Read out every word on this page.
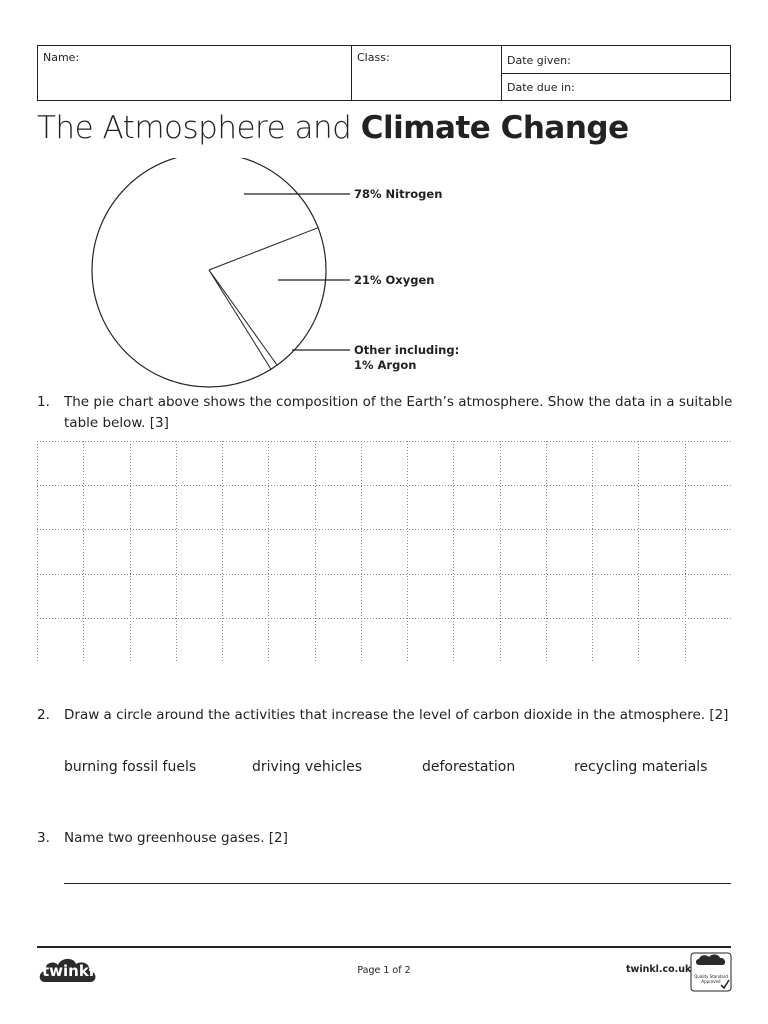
Name:	Class:	Date given:
Date due in:
The Atmosphere and Climate Change
78% Nitrogen
21% Oxygen
Other including:
1% Argon
1. The pie chart above shows the composition of the Earth’s atmosphere. Show the data in a suitable table below. [3]
2. Draw a circle around the activities that increase the level of carbon dioxide in the atmosphere. [2]
burning fossil fuels	driving vehicles	deforestation	recycling materials
3. Name two greenhouse gases. [2]
twinkl	Page 1 of 2	twinkl.co.uk
Quality Standard Approved
